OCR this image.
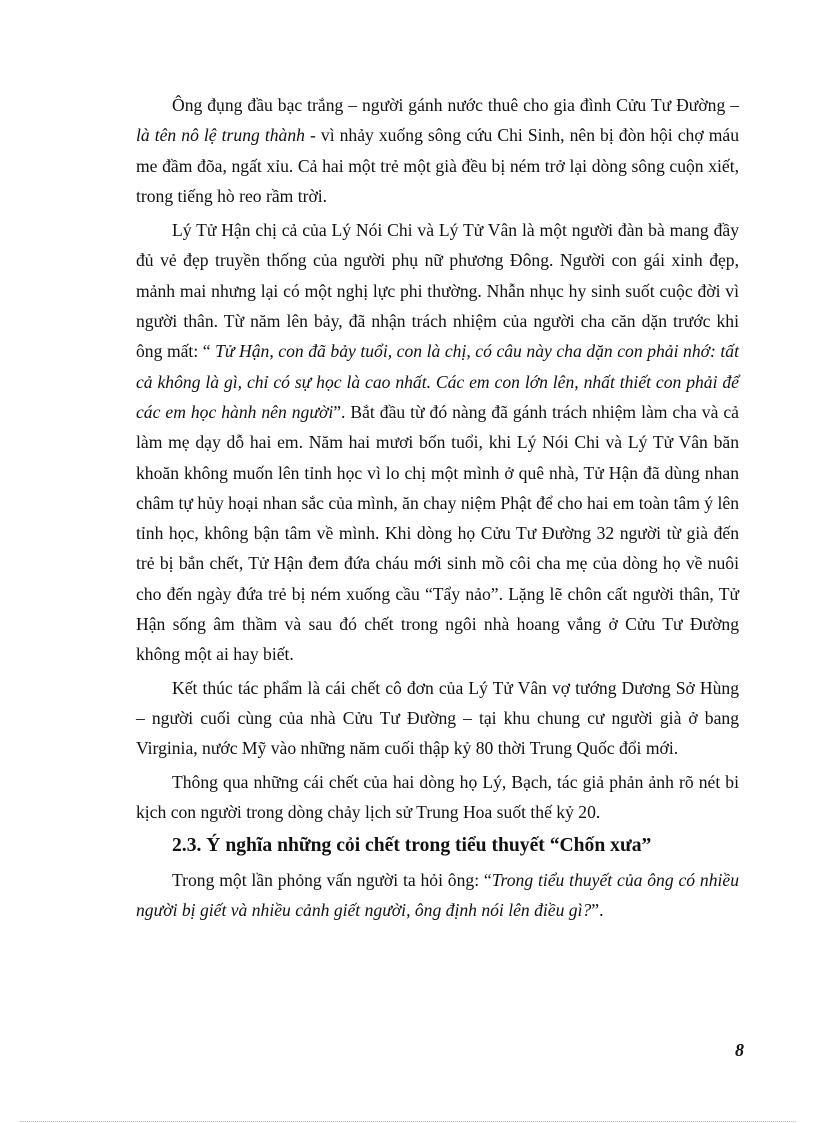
Ông đụng đầu bạc trắng – người gánh nước thuê cho gia đình Cửu Tư Đường – là tên nô lệ trung thành - vì nhảy xuống sông cứu Chi Sinh, nên bị đòn hội chợ máu me đầm đõa, ngất xỉu. Cả hai một trẻ một già đều bị ném trở lại dòng sông cuộn xiết, trong tiếng hò reo rầm trời.

Lý Tử Hận chị cả của Lý Nói Chi và Lý Tử Vân là một người đàn bà mang đầy đủ vẻ đẹp truyền thống của người phụ nữ phương Đông. Người con gái xinh đẹp, mảnh mai nhưng lại có một nghị lực phi thường. Nhẫn nhục hy sinh suốt cuộc đời vì người thân. Từ năm lên bảy, đã nhận trách nhiệm của người cha căn dặn trước khi ông mất: “ Tử Hận, con đã bảy tuổi, con là chị, có câu này cha dặn con phải nhớ: tất cả không là gì, chỉ có sự học là cao nhất. Các em con lớn lên, nhất thiết con phải để các em học hành nên người”. Bắt đầu từ đó nàng đã gánh trách nhiệm làm cha và cả làm mẹ dạy dỗ hai em. Năm hai mươi bốn tuổi, khi Lý Nói Chi và Lý Tử Vân băn khoăn không muốn lên tỉnh học vì lo chị một mình ở quê nhà, Tử Hận đã dùng nhan châm tự hủy hoại nhan sắc của mình, ăn chay niệm Phật để cho hai em toàn tâm ý lên tỉnh học, không bận tâm về mình. Khi dòng họ Cửu Tư Đường 32 người từ già đến trẻ bị bắn chết, Tử Hận đem đứa cháu mới sinh mồ côi cha mẹ của dòng họ về nuôi cho đến ngày đứa trẻ bị ném xuống cầu “Tẩy nảo”. Lặng lẽ chôn cất người thân, Tử Hận sống âm thầm và sau đó chết trong ngôi nhà hoang vắng ở Cửu Tư Đường không một ai hay biết.

Kết thúc tác phẩm là cái chết cô đơn của Lý Tử Vân vợ tướng Dương Sở Hùng – người cuối cùng của nhà Cửu Tư Đường – tại khu chung cư người già ở bang Virginia, nước Mỹ vào những năm cuối thập kỷ 80 thời Trung Quốc đổi mới.

Thông qua những cái chết của hai dòng họ Lý, Bạch, tác giả phản ảnh rõ nét bi kịch con người trong dòng chảy lịch sử Trung Hoa suốt thế kỷ 20.

2.3. Ý nghĩa những cỏi chết trong tiểu thuyết “Chốn xưa”

Trong một lần phỏng vấn người ta hỏi ông: “Trong tiểu thuyết của ông có nhiều người bị giết và nhiều cảnh giết người, ông định nói lên điều gì?”.

8
